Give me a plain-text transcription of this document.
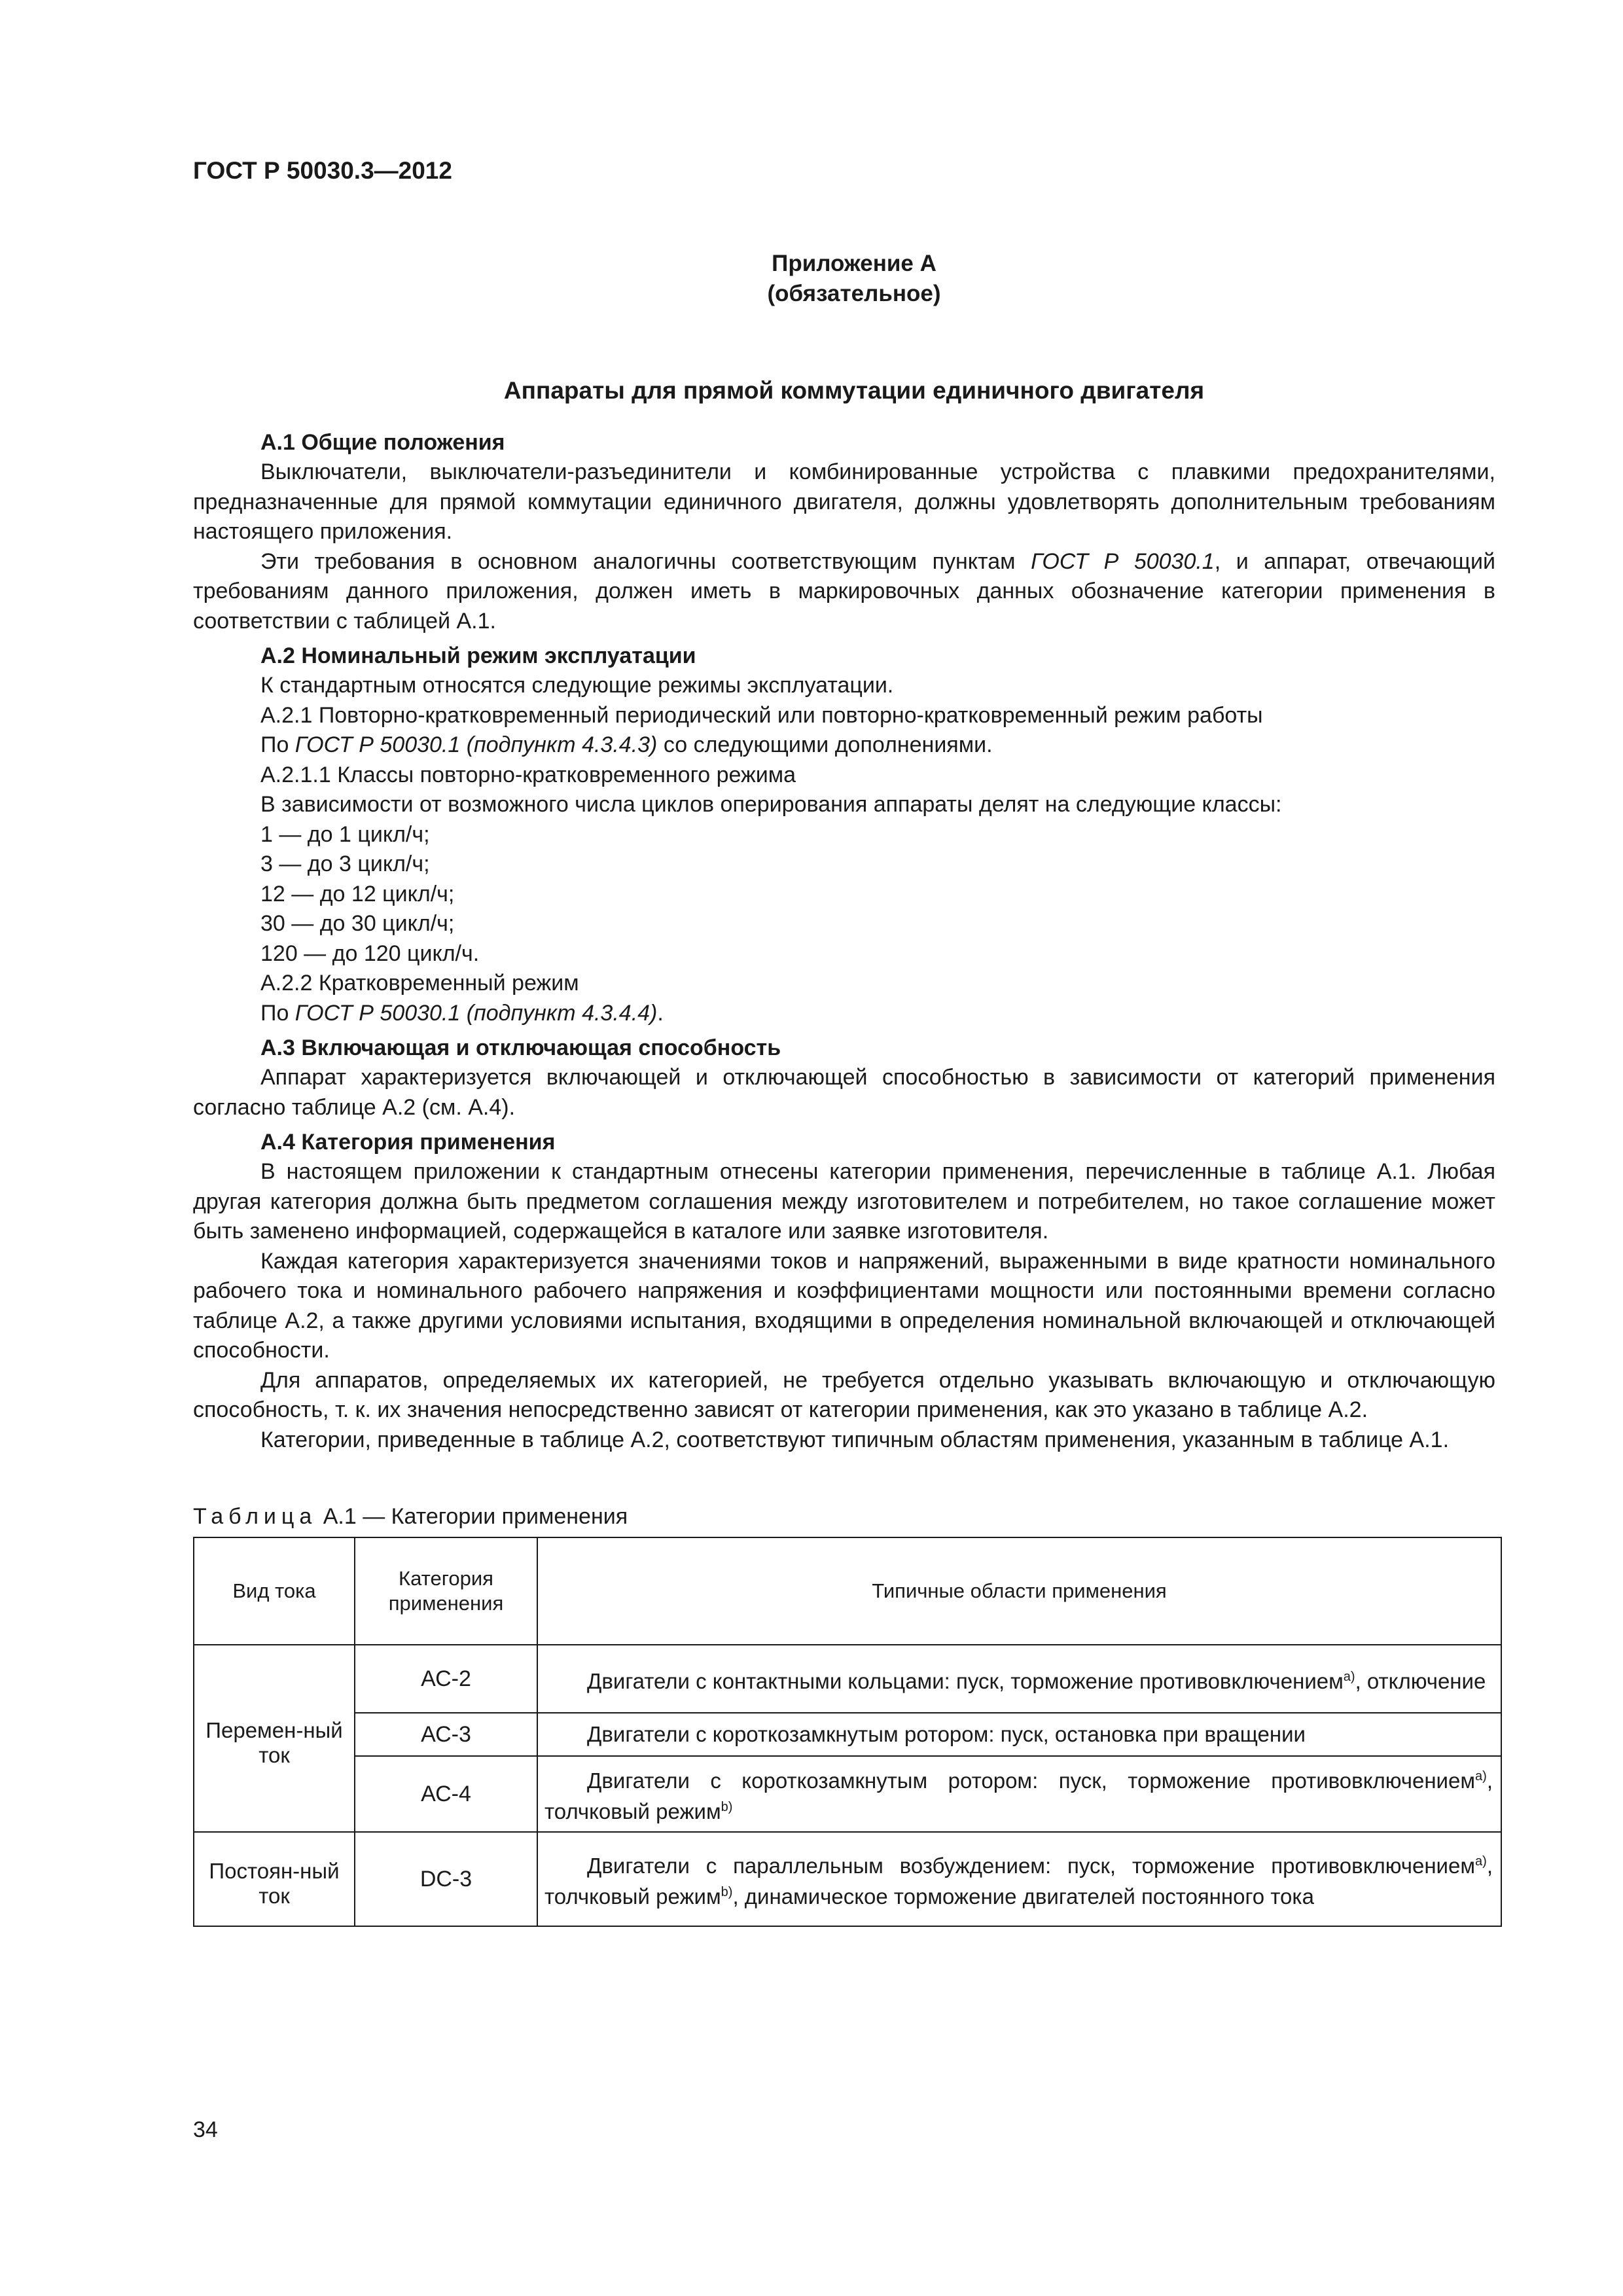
ГОСТ Р 50030.3—2012
Приложение А
(обязательное)
Аппараты для прямой коммутации единичного двигателя
А.1 Общие положения

Выключатели, выключатели-разъединители и комбинированные устройства с плавкими предохранителями, предназначенные для прямой коммутации единичного двигателя, должны удовлетворять дополнительным требованиям настоящего приложения.

Эти требования в основном аналогичны соответствующим пунктам ГОСТ Р 50030.1, и аппарат, отвечающий требованиям данного приложения, должен иметь в маркировочных данных обозначение категории применения в соответствии с таблицей А.1.

А.2 Номинальный режим эксплуатации

К стандартным относятся следующие режимы эксплуатации.

А.2.1 Повторно-кратковременный периодический или повторно-кратковременный режим работы

По ГОСТ Р 50030.1 (подпункт 4.3.4.3) со следующими дополнениями.

А.2.1.1 Классы повторно-кратковременного режима

В зависимости от возможного числа циклов оперирования аппараты делят на следующие классы:

1 — до 1 цикл/ч;

3 — до 3 цикл/ч;

12 — до 12 цикл/ч;

30 — до 30 цикл/ч;

120 — до 120 цикл/ч.

А.2.2 Кратковременный режим

По ГОСТ Р 50030.1 (подпункт 4.3.4.4).

А.3 Включающая и отключающая способность

Аппарат характеризуется включающей и отключающей способностью в зависимости от категорий применения согласно таблице А.2 (см. А.4).

А.4 Категория применения

В настоящем приложении к стандартным отнесены категории применения, перечисленные в таблице А.1. Любая другая категория должна быть предметом соглашения между изготовителем и потребителем, но такое соглашение может быть заменено информацией, содержащейся в каталоге или заявке изготовителя.

Каждая категория характеризуется значениями токов и напряжений, выраженными в виде кратности номинального рабочего тока и номинального рабочего напряжения и коэффициентами мощности или постоянными времени согласно таблице А.2, а также другими условиями испытания, входящими в определения номинальной включающей и отключающей способности.

Для аппаратов, определяемых их категорией, не требуется отдельно указывать включающую и отключающую способность, т. к. их значения непосредственно зависят от категории применения, как это указано в таблице А.2.

Категории, приведенные в таблице А.2, соответствуют типичным областям применения, указанным в таблице А.1.

Таблица А.1 — Категории применения
Вид тока	Категория применения	Типичные области применения
Перемен-ный ток	АС-2	Двигатели с контактными кольцами: пуск, торможение противовключением$^{а)}$, отключение
	АС-3	Двигатели с короткозамкнутым ротором: пуск, остановка при вращении
	АС-4	Двигатели с короткозамкнутым ротором: пуск, торможение противовключением$^{а)}$, толчковый режим$^{b)}$
Постоян-ный ток	DC-3	Двигатели с параллельным возбуждением: пуск, торможение противовключением$^{а)}$, толчковый режим$^{b)}$, динамическое торможение двигателей постоянного тока
34
